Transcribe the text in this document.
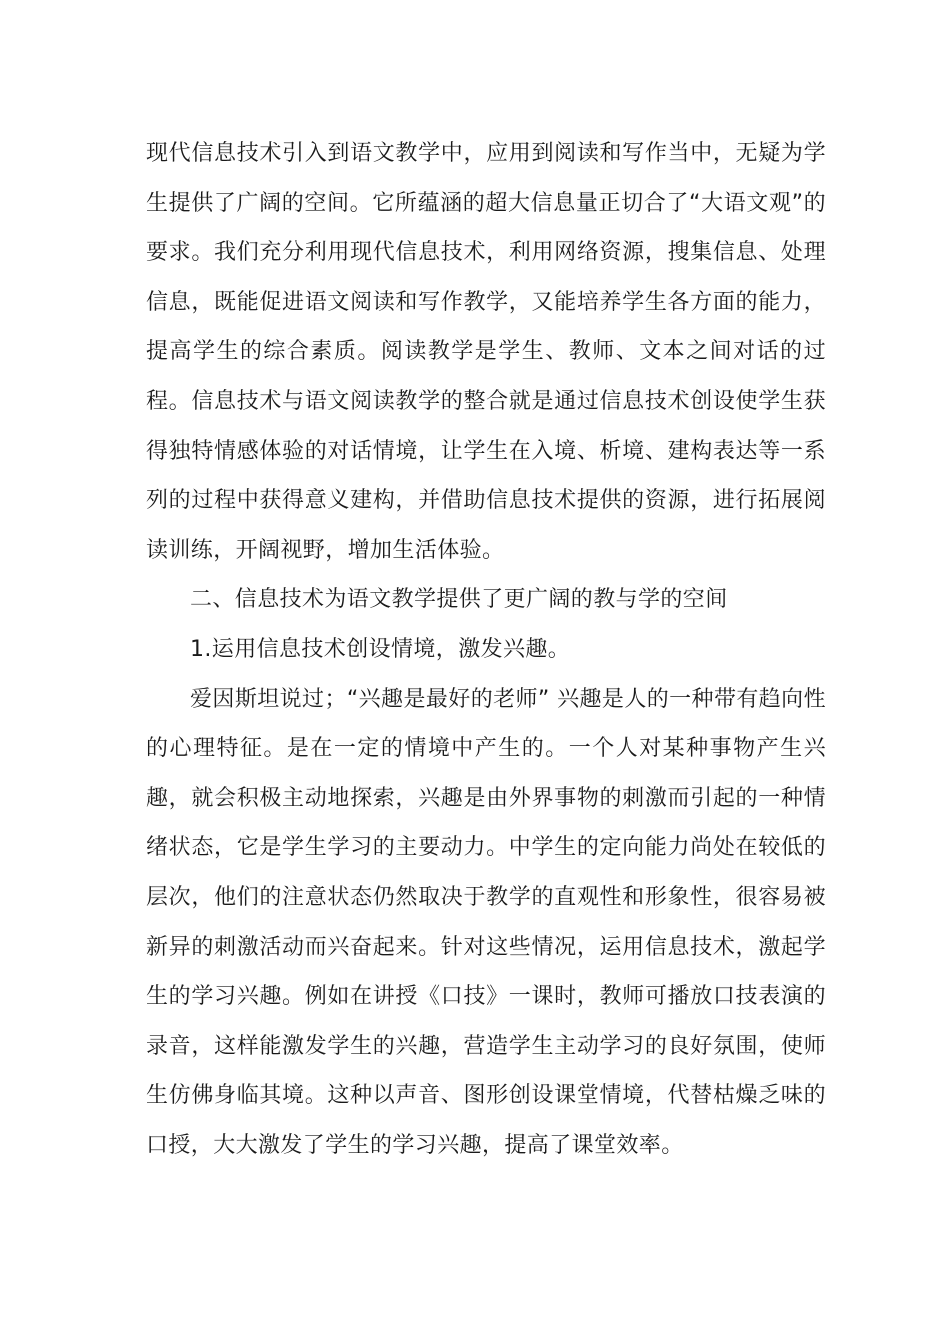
现代信息技术引入到语文教学中，应用到阅读和写作当中，无疑为学生提供了广阔的空间。它所蕴涵的超大信息量正切合了“大语文观”的要求。我们充分利用现代信息技术，利用网络资源，搜集信息、处理信息，既能促进语文阅读和写作教学，又能培养学生各方面的能力，提高学生的综合素质。阅读教学是学生、教师、文本之间对话的过程。信息技术与语文阅读教学的整合就是通过信息技术创设使学生获得独特情感体验的对话情境，让学生在入境、析境、建构表达等一系列的过程中获得意义建构，并借助信息技术提供的资源，进行拓展阅读训练，开阔视野，增加生活体验。

二、信息技术为语文教学提供了更广阔的教与学的空间

1.运用信息技术创设情境，激发兴趣。

爱因斯坦说过；“兴趣是最好的老师” 兴趣是人的一种带有趋向性的心理特征。是在一定的情境中产生的。一个人对某种事物产生兴趣，就会积极主动地探索，兴趣是由外界事物的刺激而引起的一种情绪状态，它是学生学习的主要动力。中学生的定向能力尚处在较低的层次，他们的注意状态仍然取决于教学的直观性和形象性，很容易被新异的刺激活动而兴奋起来。针对这些情况，运用信息技术，激起学生的学习兴趣。例如在讲授《口技》一课时，教师可播放口技表演的录音，这样能激发学生的兴趣，营造学生主动学习的良好氛围，使师生仿佛身临其境。这种以声音、图形创设课堂情境，代替枯燥乏味的口授，大大激发了学生的学习兴趣，提高了课堂效率。
